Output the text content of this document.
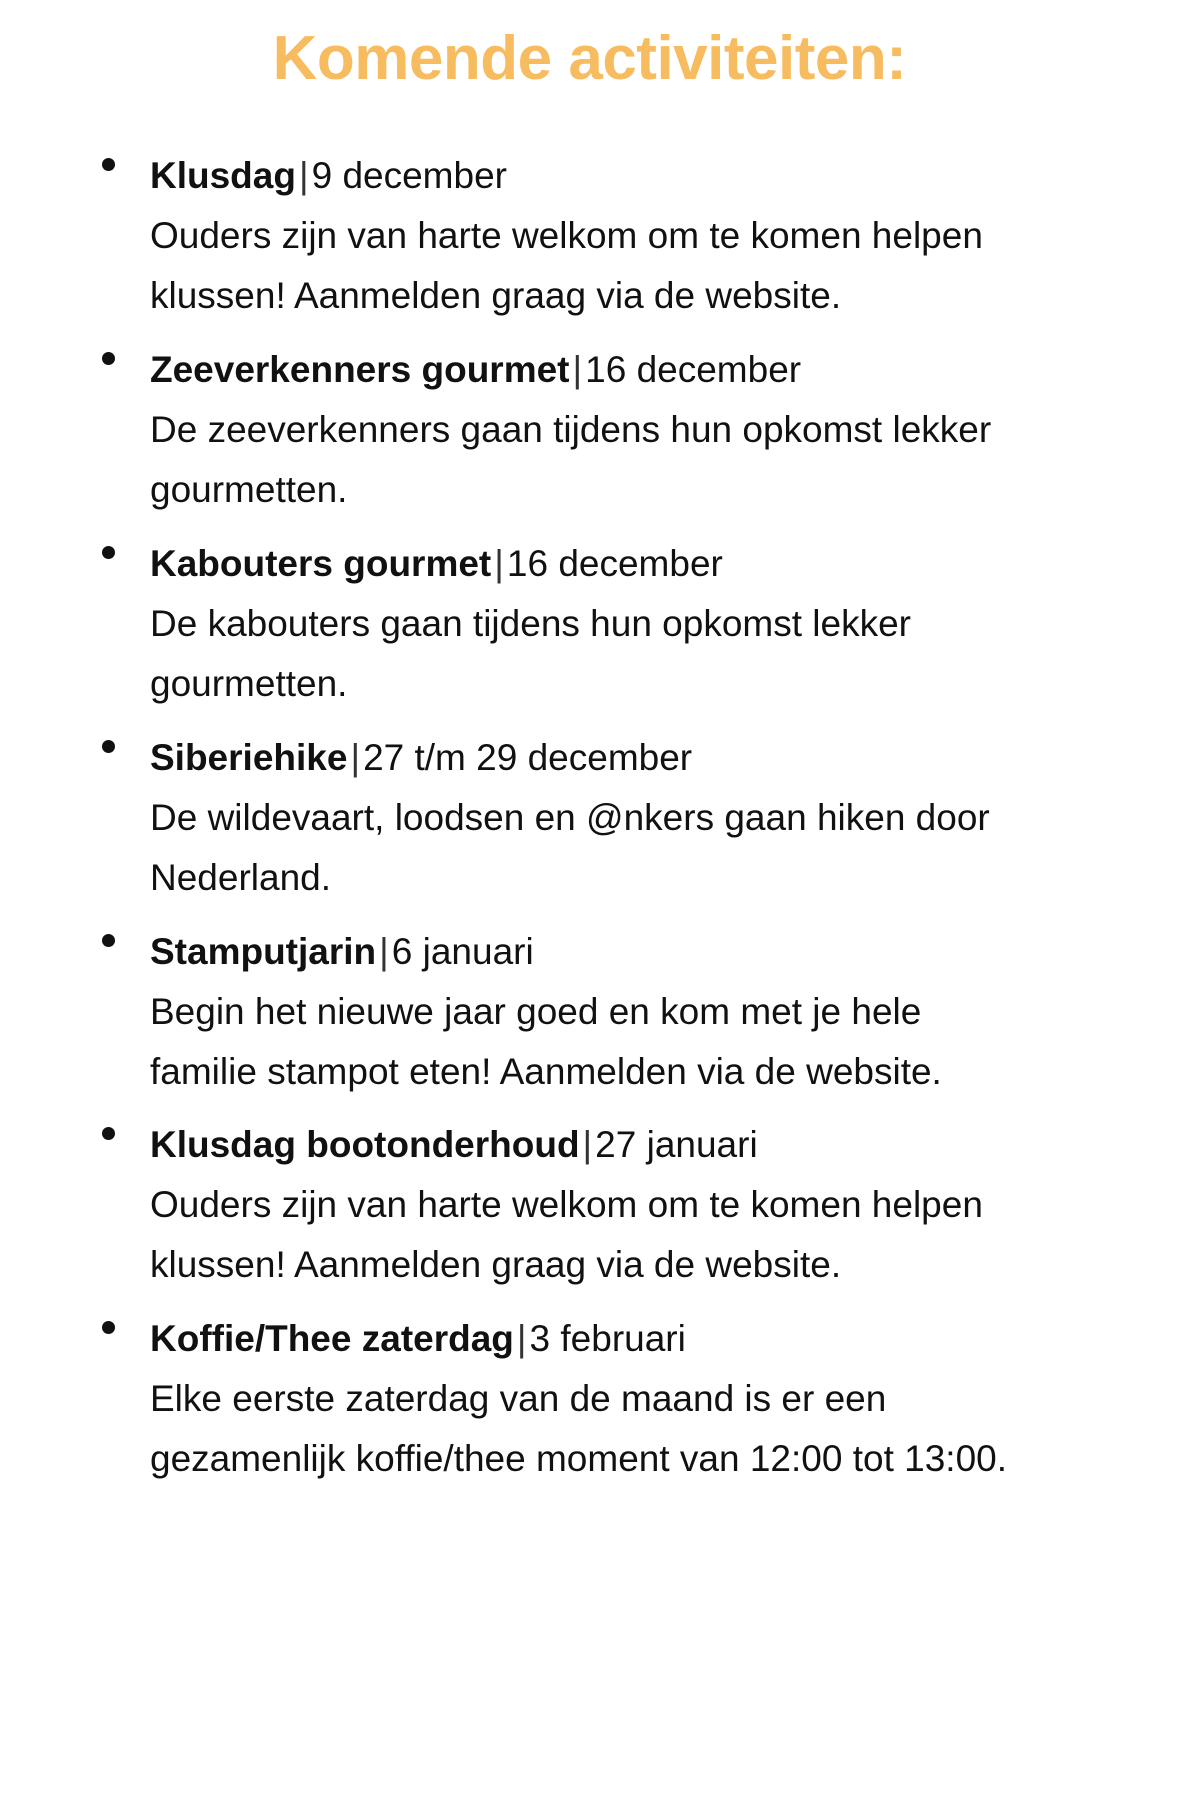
Komende activiteiten:
Klusdag|9 december
Ouders zijn van harte welkom om te komen helpen klussen! Aanmelden graag via de website.
Zeeverkenners gourmet|16 december
De zeeverkenners gaan tijdens hun opkomst lekker gourmetten.
Kabouters gourmet|16 december
De kabouters gaan tijdens hun opkomst lekker gourmetten.
Siberiehike|27 t/m 29 december
De wildevaart, loodsen en @nkers gaan hiken door Nederland.
Stamputjarin|6 januari
Begin het nieuwe jaar goed en kom met je hele familie stampot eten! Aanmelden via de website.
Klusdag bootonderhoud|27 januari
Ouders zijn van harte welkom om te komen helpen klussen! Aanmelden graag via de website.
Koffie/Thee zaterdag|3 februari
Elke eerste zaterdag van de maand is er een gezamenlijk koffie/thee moment van 12:00 tot 13:00.
